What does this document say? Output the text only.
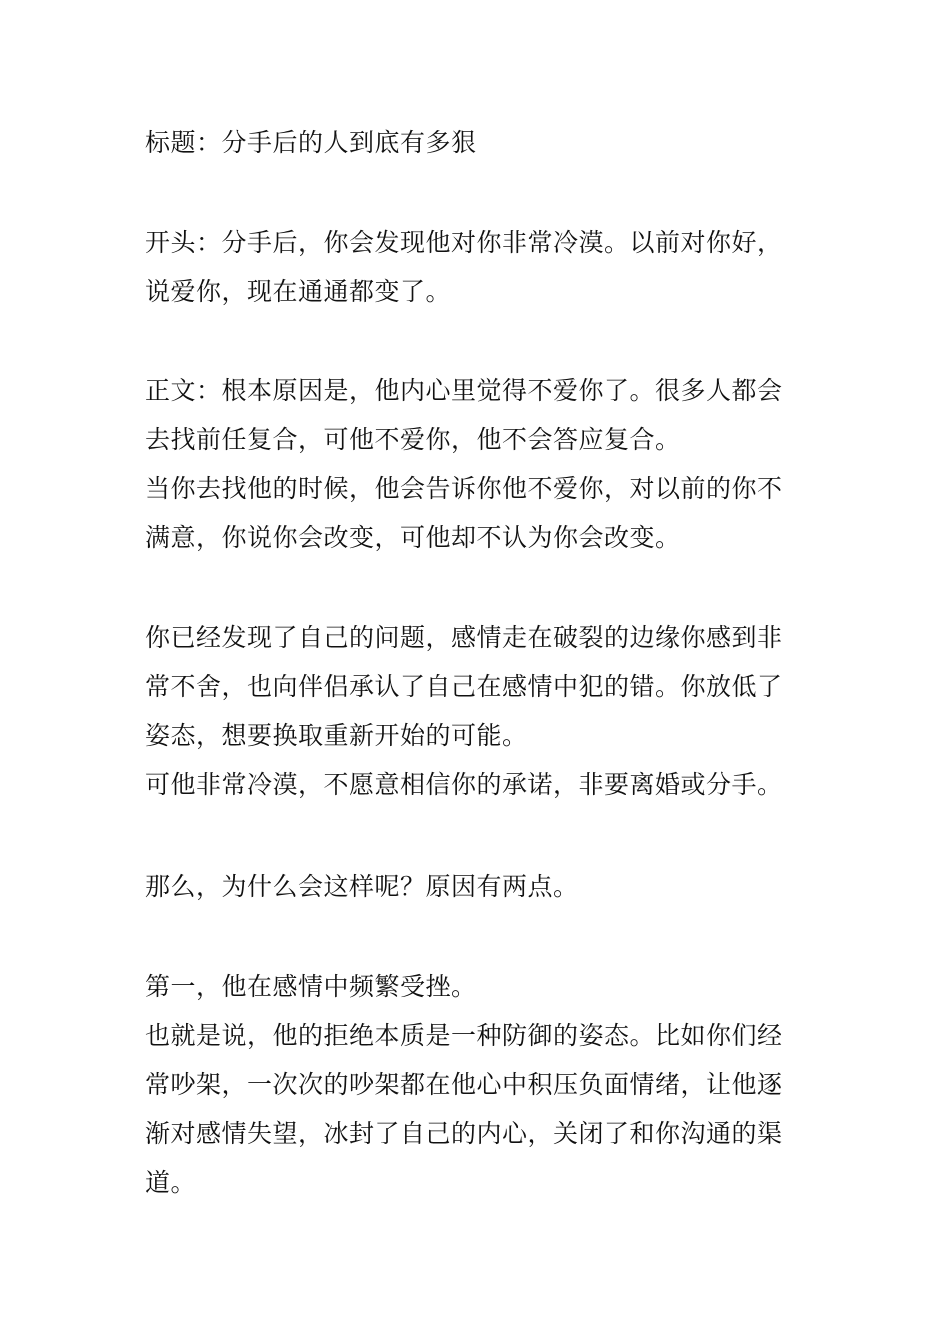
标题：分手后的人到底有多狠
开头：分手后，你会发现他对你非常冷漠。以前对你好，
说爱你，现在通通都变了。
正文：根本原因是，他内心里觉得不爱你了。很多人都会
去找前任复合，可他不爱你，他不会答应复合。
当你去找他的时候，他会告诉你他不爱你，对以前的你不
满意，你说你会改变，可他却不认为你会改变。
你已经发现了自己的问题，感情走在破裂的边缘你感到非
常不舍，也向伴侣承认了自己在感情中犯的错。你放低了
姿态，想要换取重新开始的可能。
可他非常冷漠，不愿意相信你的承诺，非要离婚或分手。
那么，为什么会这样呢？原因有两点。
第一，他在感情中频繁受挫。
也就是说，他的拒绝本质是一种防御的姿态。比如你们经
常吵架，一次次的吵架都在他心中积压负面情绪，让他逐
渐对感情失望，冰封了自己的内心，关闭了和你沟通的渠
道。
